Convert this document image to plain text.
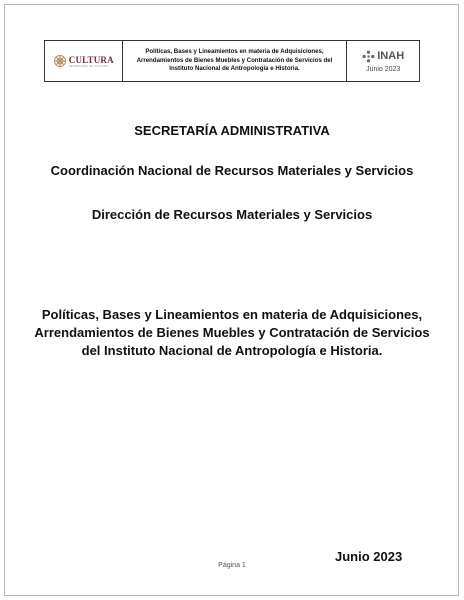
CULTURA
SECRETARÍA DE CULTURA

Políticas, Bases y Lineamientos en materia de Adquisiciones, Arrendamientos de Bienes Muebles y Contratación de Servicios del Instituto Nacional de Antropología e Historia.

INAH
Junio 2023

SECRETARÍA ADMINISTRATIVA

Coordinación Nacional de Recursos Materiales y Servicios

Dirección de Recursos Materiales y Servicios

Políticas, Bases y Lineamientos en materia de Adquisiciones, Arrendamientos de Bienes Muebles y Contratación de Servicios del Instituto Nacional de Antropología e Historia.

Junio 2023

Página 1
